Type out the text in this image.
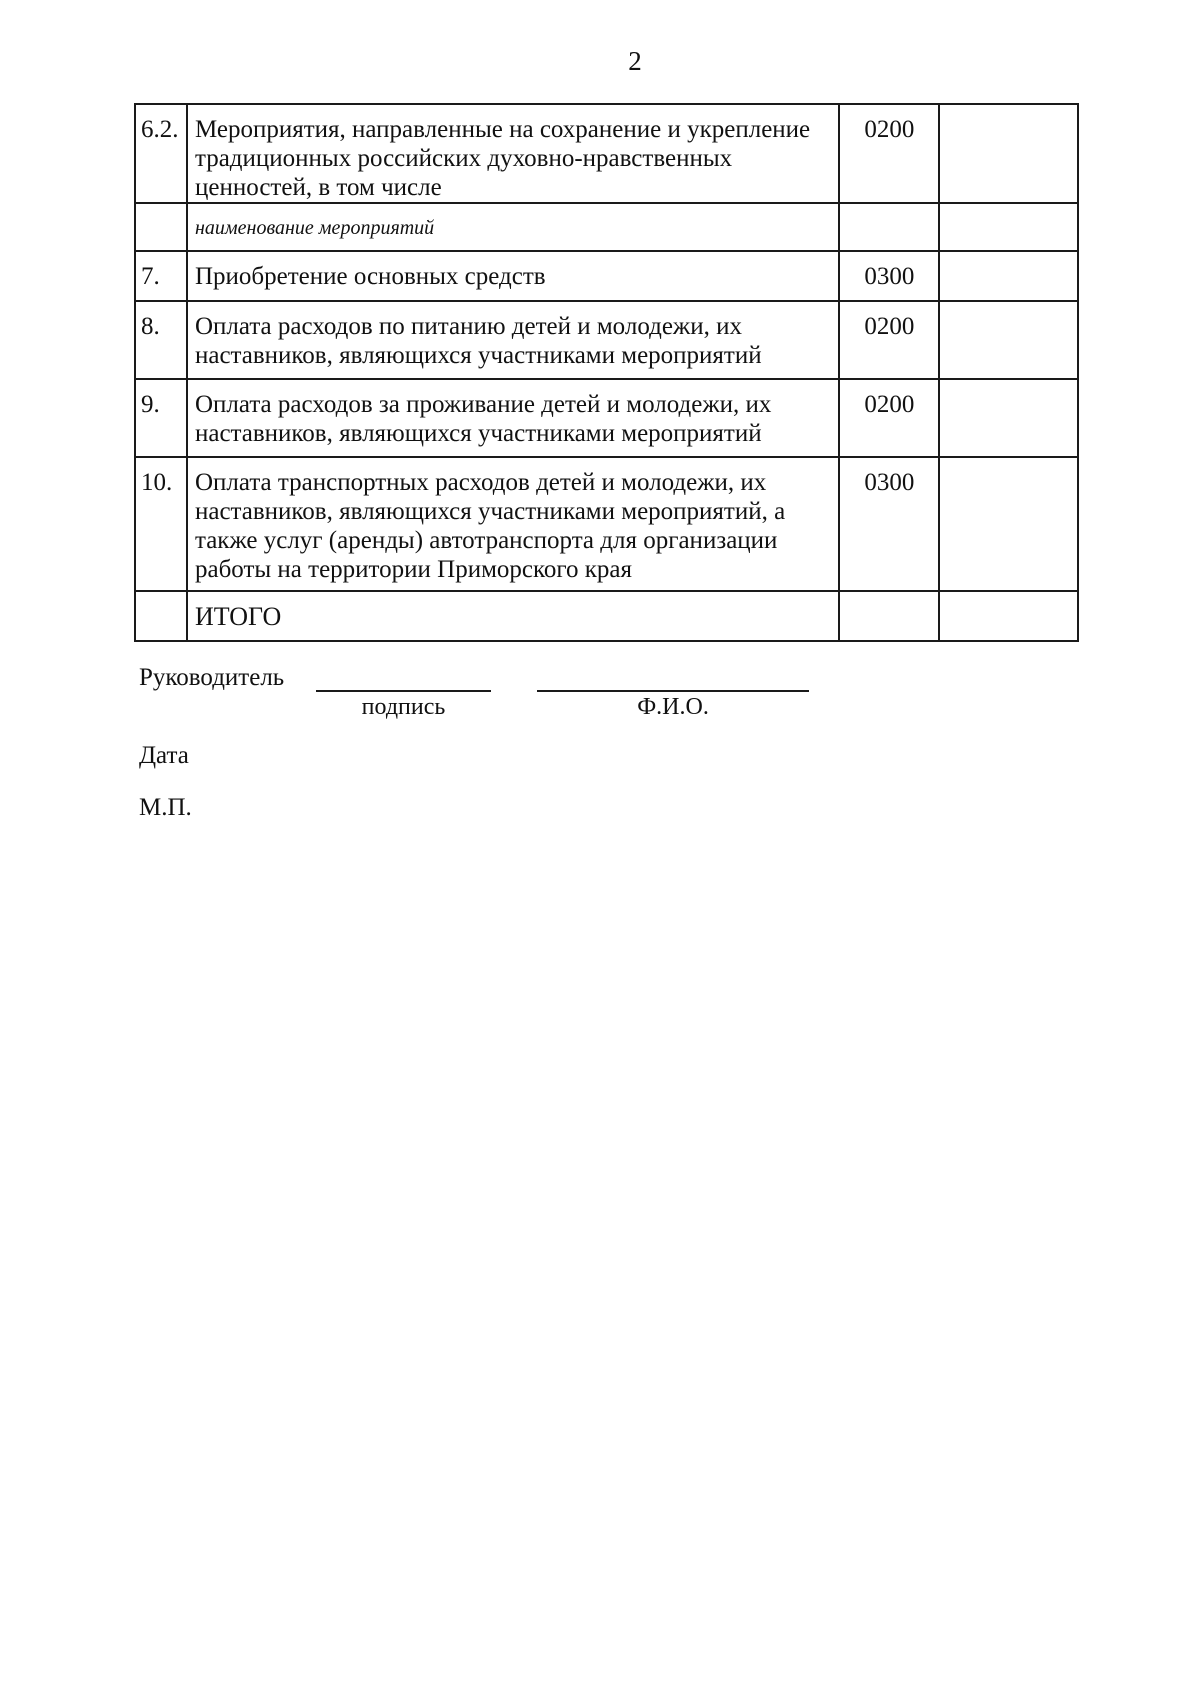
2
6.2.	Мероприятия, направленные на сохранение и укрепление традиционных российских духовно-нравственных ценностей, в том числе	0200	
	наименование мероприятий		
7.	Приобретение основных средств	0300	
8.	Оплата расходов по питанию детей и молодежи, их наставников, являющихся участниками мероприятий	0200	
9.	Оплата расходов за проживание детей и молодежи, их наставников, являющихся участниками мероприятий	0200	
10.	Оплата транспортных расходов детей и молодежи, их наставников, являющихся участниками мероприятий, а также услуг (аренды) автотранспорта для организации работы на территории Приморского края	0300	
	ИТОГО		
Руководитель
подпись	Ф.И.О.
Дата
М.П.
